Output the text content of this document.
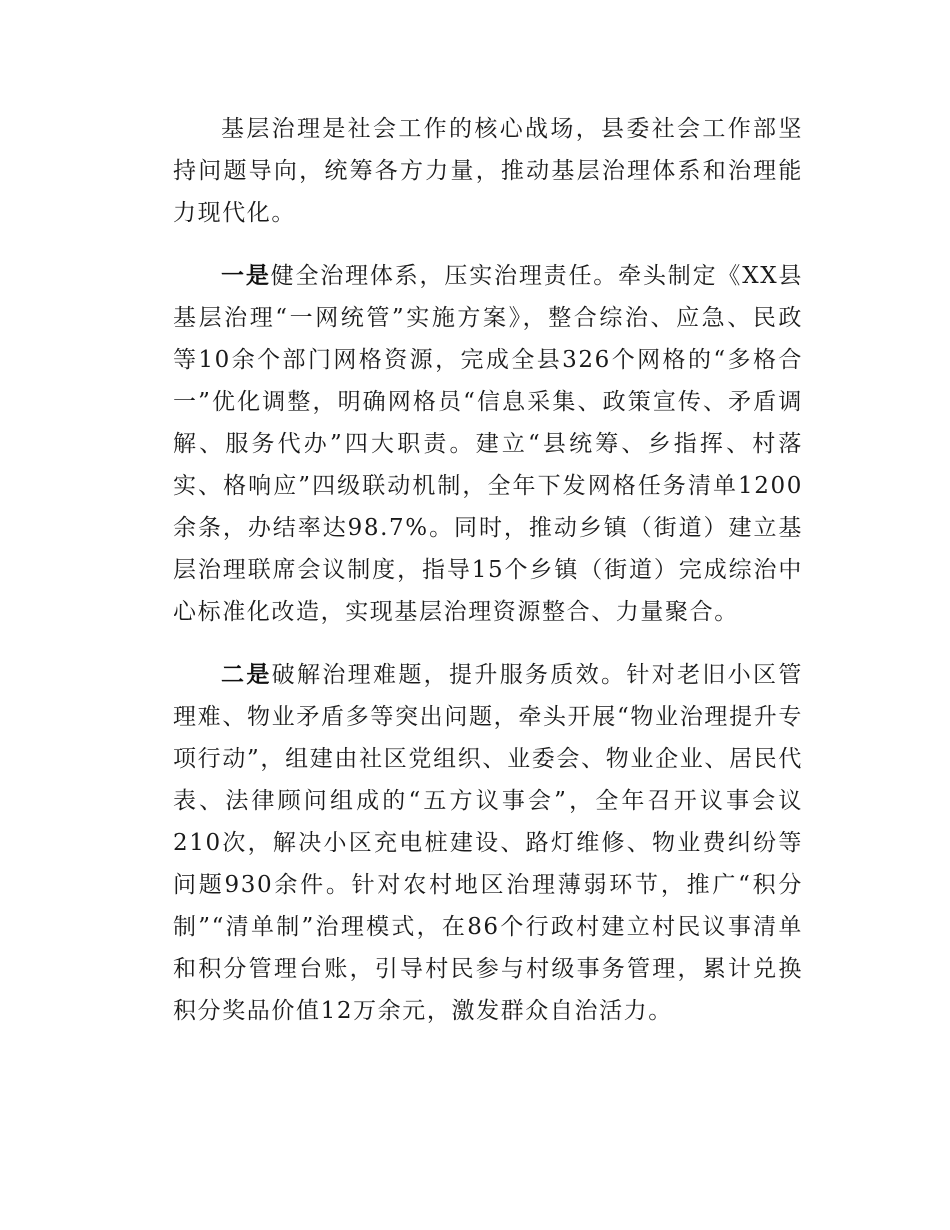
基层治理是社会工作的核心战场，县委社会工作部坚持问题导向，统筹各方力量，推动基层治理体系和治理能力现代化。

一是健全治理体系，压实治理责任。牵头制定《XX县基层治理“一网统管”实施方案》，整合综治、应急、民政等10余个部门网格资源，完成全县326个网格的“多格合一”优化调整，明确网格员“信息采集、政策宣传、矛盾调解、服务代办”四大职责。建立“县统筹、乡指挥、村落实、格响应”四级联动机制，全年下发网格任务清单1200余条，办结率达98.7%。同时，推动乡镇（街道）建立基层治理联席会议制度，指导15个乡镇（街道）完成综治中心标准化改造，实现基层治理资源整合、力量聚合。

二是破解治理难题，提升服务质效。针对老旧小区管理难、物业矛盾多等突出问题，牵头开展“物业治理提升专项行动”，组建由社区党组织、业委会、物业企业、居民代表、法律顾问组成的“五方议事会”，全年召开议事会议210次，解决小区充电桩建设、路灯维修、物业费纠纷等问题930余件。针对农村地区治理薄弱环节，推广“积分制”“清单制”治理模式，在86个行政村建立村民议事清单和积分管理台账，引导村民参与村级事务管理，累计兑换积分奖品价值12万余元，激发群众自治活力。
